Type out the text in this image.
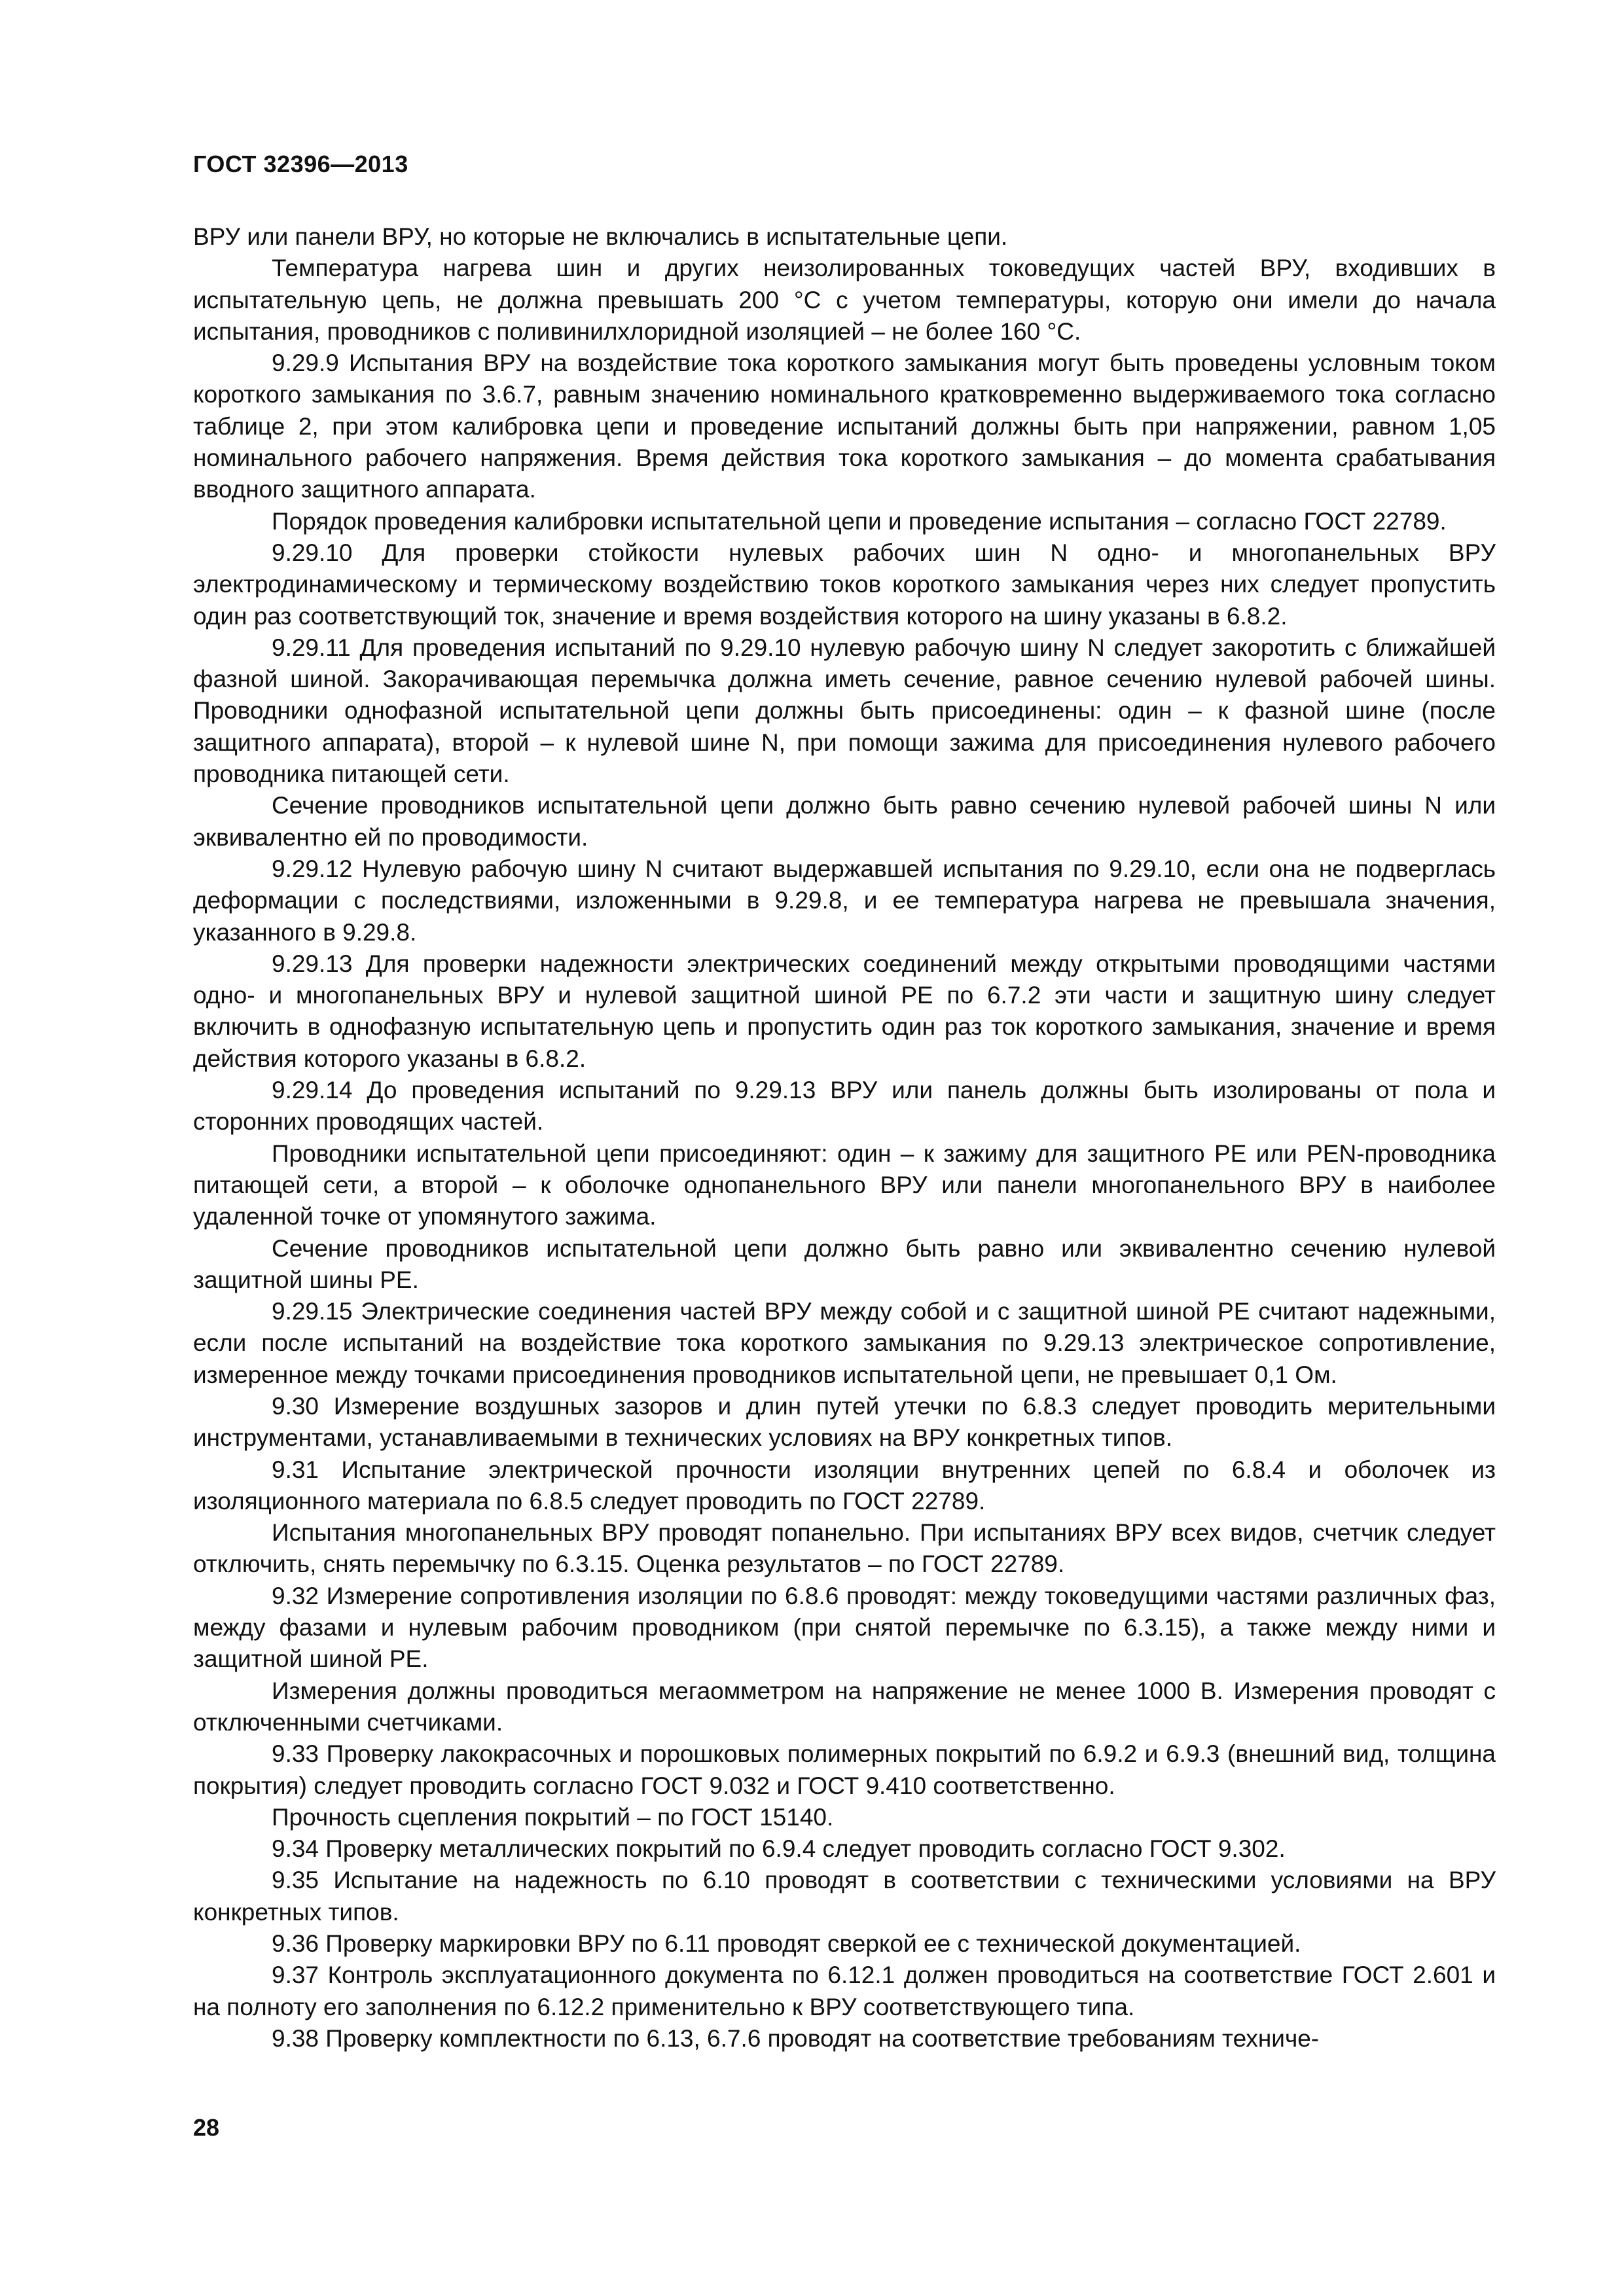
ГОСТ 32396—2013

ВРУ или панели ВРУ, но которые не включались в испытательные цепи.

Температура нагрева шин и других неизолированных токоведущих частей ВРУ, входивших в испытательную цепь, не должна превышать 200 °С с учетом температуры, которую они имели до начала испытания, проводников с поливинилхлоридной изоляцией – не более 160 °С.

9.29.9 Испытания ВРУ на воздействие тока короткого замыкания могут быть проведены условным током короткого замыкания по 3.6.7, равным значению номинального кратковременно выдерживаемого тока согласно таблице 2, при этом калибровка цепи и проведение испытаний должны быть при напряжении, равном 1,05 номинального рабочего напряжения. Время действия тока короткого замыкания – до момента срабатывания вводного защитного аппарата.

Порядок проведения калибровки испытательной цепи и проведение испытания – согласно ГОСТ 22789.

9.29.10 Для проверки стойкости нулевых рабочих шин N одно- и многопанельных ВРУ электродинамическому и термическому воздействию токов короткого замыкания через них следует пропустить один раз соответствующий ток, значение и время воздействия которого на шину указаны в 6.8.2.

9.29.11 Для проведения испытаний по 9.29.10 нулевую рабочую шину N следует закоротить с ближайшей фазной шиной. Закорачивающая перемычка должна иметь сечение, равное сечению нулевой рабочей шины. Проводники однофазной испытательной цепи должны быть присоединены: один – к фазной шине (после защитного аппарата), второй – к нулевой шине N, при помощи зажима для присоединения нулевого рабочего проводника питающей сети.

Сечение проводников испытательной цепи должно быть равно сечению нулевой рабочей шины N или эквивалентно ей по проводимости.

9.29.12 Нулевую рабочую шину N считают выдержавшей испытания по 9.29.10, если она не подверглась деформации с последствиями, изложенными в 9.29.8, и ее температура нагрева не превышала значения, указанного в 9.29.8.

9.29.13 Для проверки надежности электрических соединений между открытыми проводящими частями одно- и многопанельных ВРУ и нулевой защитной шиной PE по 6.7.2 эти части и защитную шину следует включить в однофазную испытательную цепь и пропустить один раз ток короткого замыкания, значение и время действия которого указаны в 6.8.2.

9.29.14 До проведения испытаний по 9.29.13 ВРУ или панель должны быть изолированы от пола и сторонних проводящих частей.

Проводники испытательной цепи присоединяют: один – к зажиму для защитного PE или PEN-проводника питающей сети, а второй – к оболочке однопанельного ВРУ или панели многопанельного ВРУ в наиболее удаленной точке от упомянутого зажима.

Сечение проводников испытательной цепи должно быть равно или эквивалентно сечению нулевой защитной шины PE.

9.29.15 Электрические соединения частей ВРУ между собой и с защитной шиной PE считают надежными, если после испытаний на воздействие тока короткого замыкания по 9.29.13 электрическое сопротивление, измеренное между точками присоединения проводников испытательной цепи, не превышает 0,1 Ом.

9.30 Измерение воздушных зазоров и длин путей утечки по 6.8.3 следует проводить мерительными инструментами, устанавливаемыми в технических условиях на ВРУ конкретных типов.

9.31 Испытание электрической прочности изоляции внутренних цепей по 6.8.4 и оболочек из изоляционного материала по 6.8.5 следует проводить по ГОСТ 22789.

Испытания многопанельных ВРУ проводят попанельно. При испытаниях ВРУ всех видов, счетчик следует отключить, снять перемычку по 6.3.15. Оценка результатов – по ГОСТ 22789.

9.32 Измерение сопротивления изоляции по 6.8.6 проводят: между токоведущими частями различных фаз, между фазами и нулевым рабочим проводником (при снятой перемычке по 6.3.15), а также между ними и защитной шиной PE.

Измерения должны проводиться мегаомметром на напряжение не менее 1000 В. Измерения проводят с отключенными счетчиками.

9.33 Проверку лакокрасочных и порошковых полимерных покрытий по 6.9.2 и 6.9.3 (внешний вид, толщина покрытия) следует проводить согласно ГОСТ 9.032 и ГОСТ 9.410 соответственно.

Прочность сцепления покрытий – по ГОСТ 15140.

9.34 Проверку металлических покрытий по 6.9.4 следует проводить согласно ГОСТ 9.302.

9.35 Испытание на надежность по 6.10 проводят в соответствии с техническими условиями на ВРУ конкретных типов.

9.36 Проверку маркировки ВРУ по 6.11 проводят сверкой ее с технической документацией.

9.37 Контроль эксплуатационного документа по 6.12.1 должен проводиться на соответствие ГОСТ 2.601 и на полноту его заполнения по 6.12.2 применительно к ВРУ соответствующего типа.

9.38 Проверку комплектности по 6.13, 6.7.6 проводят на соответствие требованиям техниче-

28
